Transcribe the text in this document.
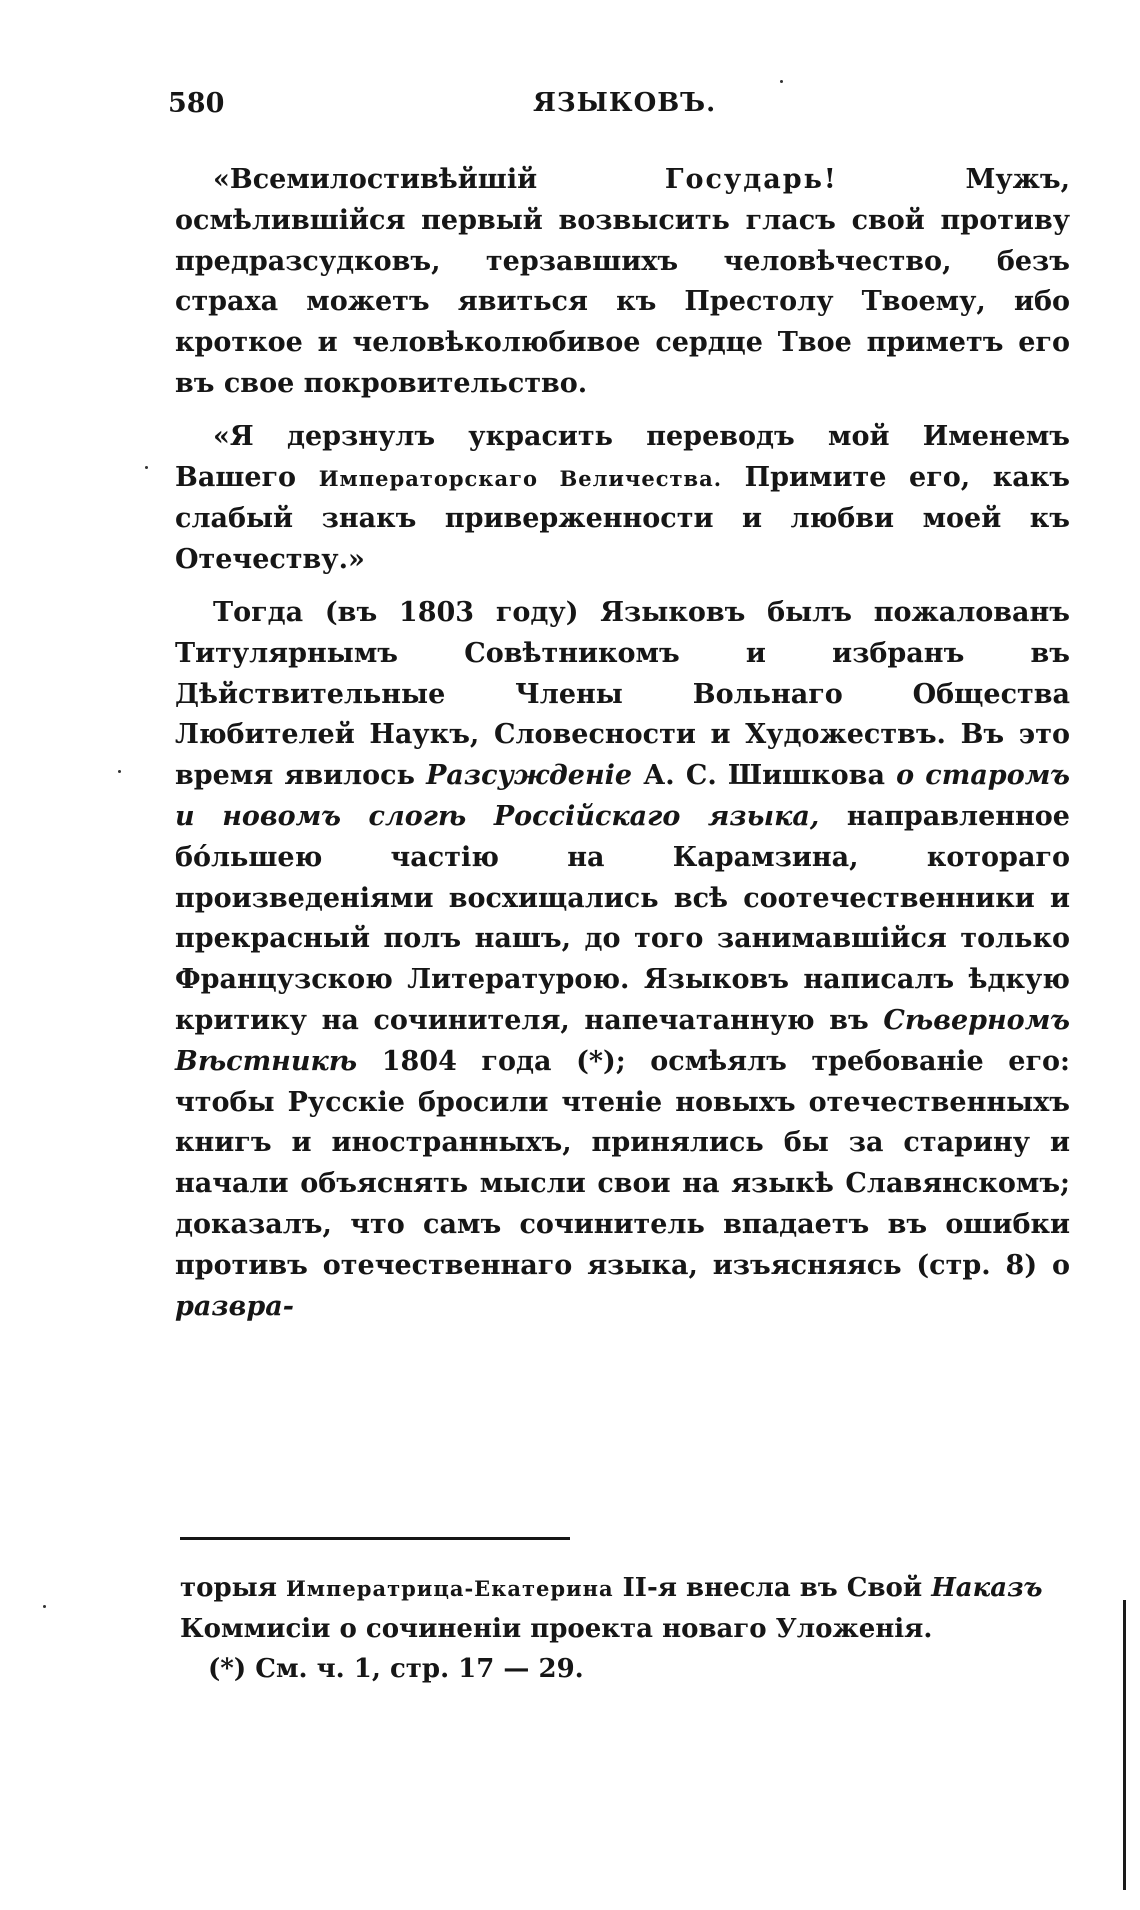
580	ЯЗЫКОВЪ.

«Всемилостивѣйшій	Государь!	Мужъ, осмѣлившійся первый возвысить гласъ свой противу предразсудковъ, терзавшихъ человѣчество, безъ страха можетъ явиться къ Престолу Твоему, ибо кроткое и человѣколюбивое сердце Твое приметъ его въ свое покровительство.

«Я дерзнулъ украсить переводъ мой Именемъ Вашего Императорскаго Величества. Примите его, какъ слабый знакъ приверженности и любви моей къ Отечеству.»

Тогда (въ 1803 году) Языковъ былъ пожалованъ Титулярнымъ Совѣтникомъ и избранъ въ Дѣйствительные Члены Вольнаго Общества Любителей Наукъ, Словесности и Художествъ. Въ это время явилось Разсужденіе А. С. Шишкова о старомъ и новомъ слогѣ Россійскаго языка, направленное бо́льшею частію на Карамзина, котораго произведеніями восхищались всѣ соотечественники и прекрасный полъ нашъ, до того занимавшійся только Французскою Литературою. Языковъ написалъ ѣдкую критику на сочинителя, напечатанную въ Сѣверномъ Вѣстникѣ 1804 года (*); осмѣялъ требованіе его: чтобы Русскіе бросили чтеніе новыхъ отечественныхъ книгъ и иностранныхъ, принялись бы за старину и начали объяснять мысли свои на языкѣ Славянскомъ; доказалъ, что самъ сочинитель впадаетъ въ ошибки противъ отечественнаго языка, изъясняясь (стр. 8) о развра-

торыя Императрица-Екатерина II-я внесла въ Свой Наказъ
Коммисіи о сочиненіи проекта новаго Уложенія.

(*) См. ч. 1, стр. 17 — 29.
